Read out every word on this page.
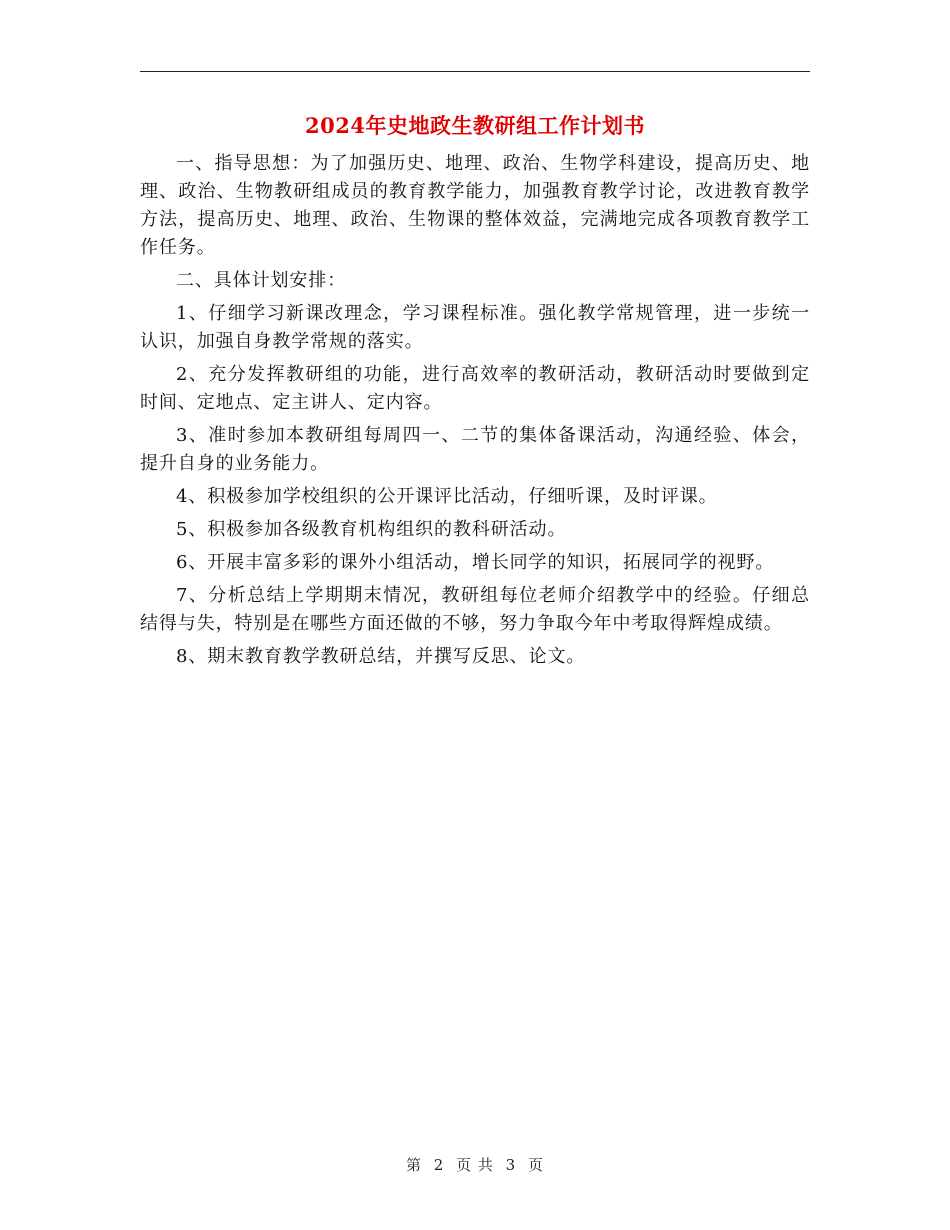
2024年史地政生教研组工作计划书

一、指导思想：为了加强历史、地理、政治、生物学科建设，提高历史、地理、政治、生物教研组成员的教育教学能力，加强教育教学讨论，改进教育教学方法，提高历史、地理、政治、生物课的整体效益，完满地完成各项教育教学工作任务。

二、具体计划安排：

1、仔细学习新课改理念，学习课程标准。强化教学常规管理，进一步统一认识，加强自身教学常规的落实。

2、充分发挥教研组的功能，进行高效率的教研活动，教研活动时要做到定时间、定地点、定主讲人、定内容。

3、准时参加本教研组每周四一、二节的集体备课活动，沟通经验、体会，提升自身的业务能力。

4、积极参加学校组织的公开课评比活动，仔细听课，及时评课。

5、积极参加各级教育机构组织的教科研活动。

6、开展丰富多彩的课外小组活动，增长同学的知识，拓展同学的视野。

7、分析总结上学期期末情况，教研组每位老师介绍教学中的经验。仔细总结得与失，特别是在哪些方面还做的不够，努力争取今年中考取得辉煌成绩。

8、期末教育教学教研总结，并撰写反思、论文。

第 2 页 共 3 页
